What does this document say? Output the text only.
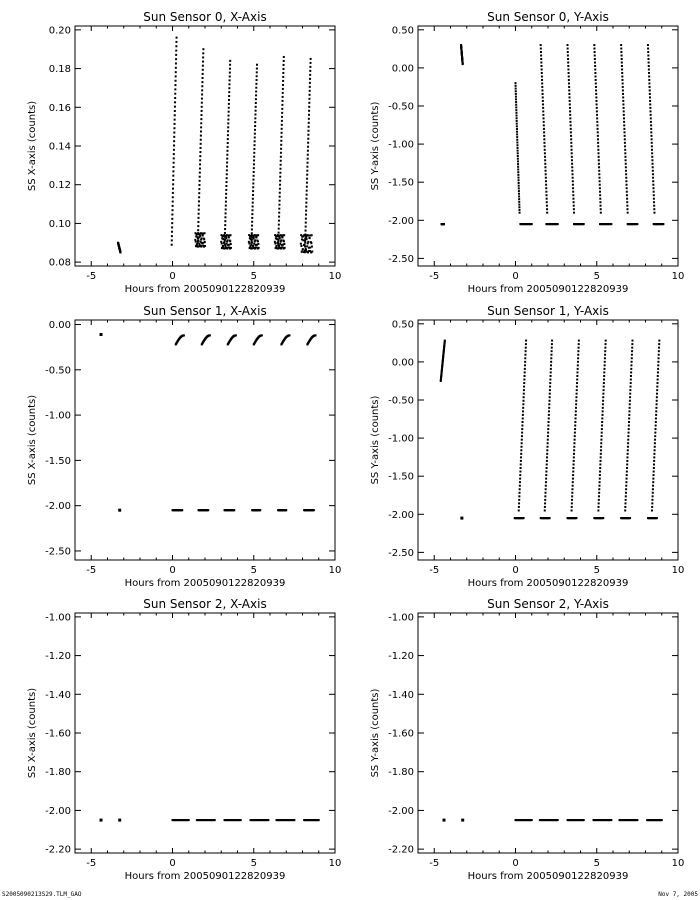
Sun Sensor 0, X-Axis
-5	0	5	10
Hours from 2005090122820939
0.08
0.10
0.12
0.14
0.16
0.18
0.20
SS X-axis (counts)
Sun Sensor 0, Y-Axis
-5	0	5	10
Hours from 2005090122820939
-2.50
-2.00
-1.50
-1.00
-0.50
0.00
0.50
SS Y-axis (counts)
Sun Sensor 1, X-Axis
-5	0	5	10
Hours from 2005090122820939
-2.50
-2.00
-1.50
-1.00
-0.50
0.00
SS X-axis (counts)
Sun Sensor 1, Y-Axis
-5	0	5	10
Hours from 2005090122820939
-2.50
-2.00
-1.50
-1.00
-0.50
0.00
0.50
SS Y-axis (counts)
Sun Sensor 2, X-Axis
-5	0	5	10
Hours from 2005090122820939
-2.20
-2.00
-1.80
-1.60
-1.40
-1.20
-1.00
SS X-axis (counts)
Sun Sensor 2, Y-Axis
-5	0	5	10
Hours from 2005090122820939
-2.20
-2.00
-1.80
-1.60
-1.40
-1.20
-1.00
SS Y-axis (counts)
S2005090213S29.TLM_GAO	Nov 7, 2005
